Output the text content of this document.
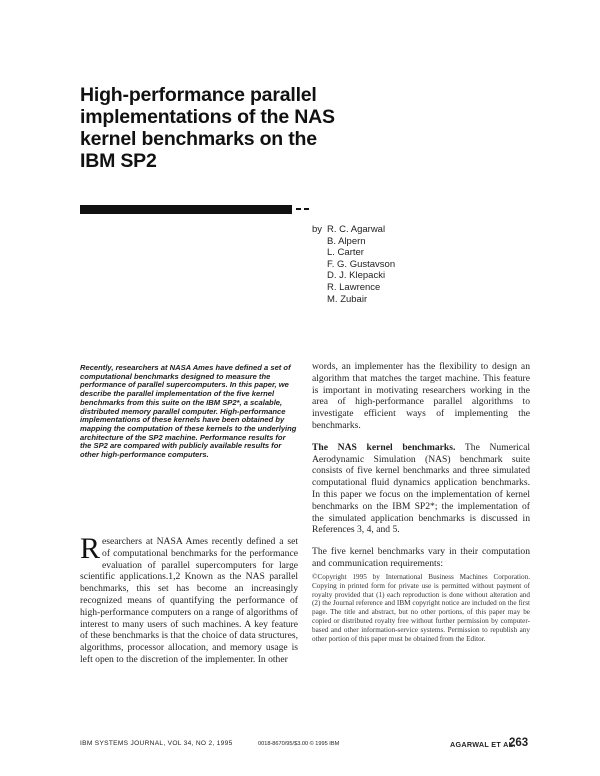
High-performance parallel implementations of the NAS kernel benchmarks on the IBM SP2
by R. C. Agarwal
B. Alpern
L. Carter
F. G. Gustavson
D. J. Klepacki
R. Lawrence
M. Zubair

Recently, researchers at NASA Ames have defined a set of computational benchmarks designed to measure the performance of parallel supercomputers. In this paper, we describe the parallel implementation of the five kernel benchmarks from this suite on the IBM SP2*, a scalable, distributed memory parallel computer. High-performance implementations of these kernels have been obtained by mapping the computation of these kernels to the underlying architecture of the SP2 machine. Performance results for the SP2 are compared with publicly available results for other high-performance computers.

Researchers at NASA Ames recently defined a set of computational benchmarks for the performance evaluation of parallel supercomputers for large scientific applications.1,2 Known as the NAS parallel benchmarks, this set has become an increasingly recognized means of quantifying the performance of high-performance computers on a range of algorithms of interest to many users of such machines. A key feature of these benchmarks is that the choice of data structures, algorithms, processor allocation, and memory usage is left open to the discretion of the implementer. In other

words, an implementer has the flexibility to design an algorithm that matches the target machine. This feature is important in motivating researchers working in the area of high-performance parallel algorithms to investigate efficient ways of implementing the benchmarks.

The NAS kernel benchmarks. The Numerical Aerodynamic Simulation (NAS) benchmark suite consists of five kernel benchmarks and three simulated computational fluid dynamics application benchmarks. In this paper we focus on the implementation of kernel benchmarks on the IBM SP2*; the implementation of the simulated application benchmarks is discussed in References 3, 4, and 5.

The five kernel benchmarks vary in their computation and communication requirements:

©Copyright 1995 by International Business Machines Corporation. Copying in printed form for private use is permitted without payment of royalty provided that (1) each reproduction is done without alteration and (2) the Journal reference and IBM copyright notice are included on the first page. The title and abstract, but no other portions, of this paper may be copied or distributed royalty free without further permission by computer-based and other information-service systems. Permission to republish any other portion of this paper must be obtained from the Editor.

IBM SYSTEMS JOURNAL, VOL 34, NO 2, 1995	0018-8670/95/$3.00 © 1995 IBM	AGARWAL ET AL.
263
